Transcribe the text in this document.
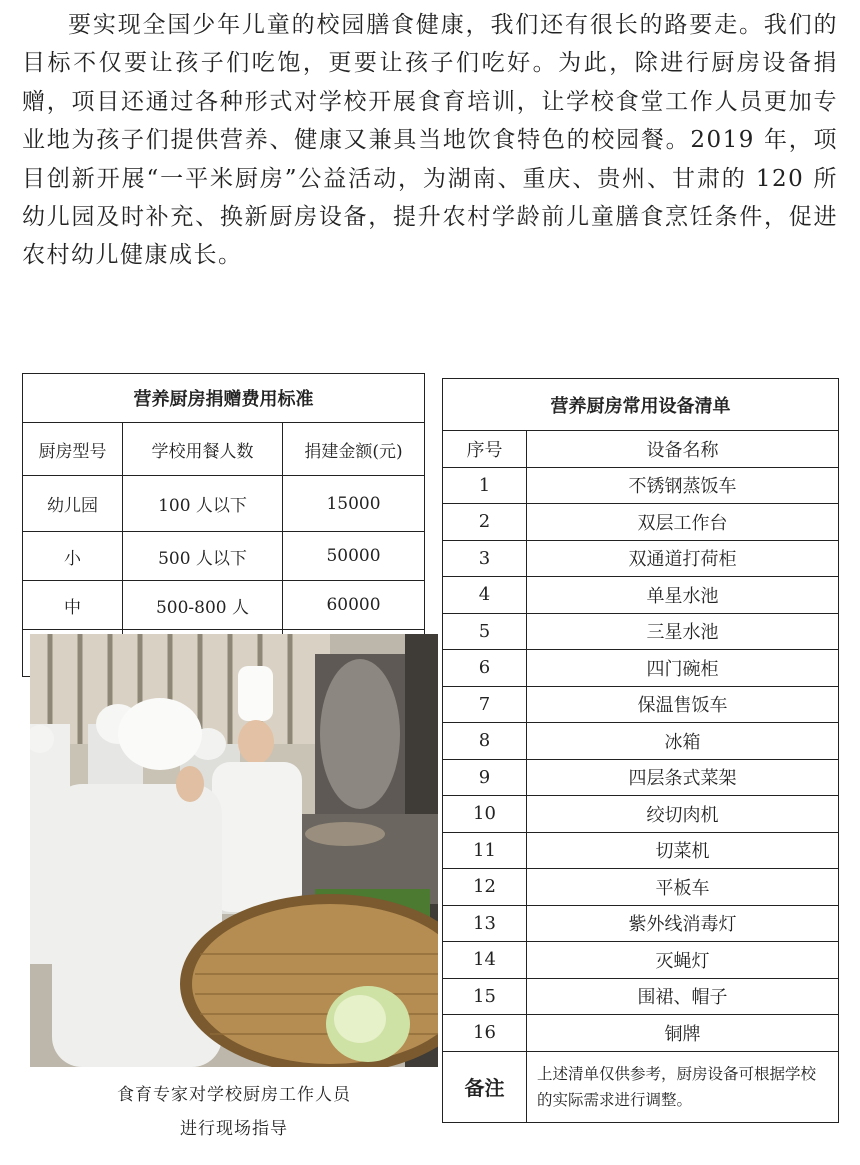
要实现全国少年儿童的校园膳食健康，我们还有很长的路要走。我们的目标不仅要让孩子们吃饱，更要让孩子们吃好。为此，除进行厨房设备捐赠，项目还通过各种形式对学校开展食育培训，让学校食堂工作人员更加专业地为孩子们提供营养、健康又兼具当地饮食特色的校园餐。2019 年，项目创新开展“一平米厨房”公益活动，为湖南、重庆、贵州、甘肃的 120 所幼儿园及时补充、换新厨房设备，提升农村学龄前儿童膳食烹饪条件，促进农村幼儿健康成长。

营养厨房捐赠费用标准		
厨房型号	学校用餐人数	捐建金额(元)
幼儿园	100 人以下	15000
小	500 人以下	50000
中	500-800 人	60000

食育专家对学校厨房工作人员
进行现场指导
营养厨房常用设备清单	
序号	设备名称
1	不锈钢蒸饭车
2	双层工作台
3	双通道打荷柜
4	单星水池
5	三星水池
6	四门碗柜
7	保温售饭车
8	冰箱
9	四层条式菜架
10	绞切肉机
11	切菜机
12	平板车
13	紫外线消毒灯
14	灭蝇灯
15	围裙、帽子
16	铜牌
备注	上述清单仅供参考，厨房设备可根据学校的实际需求进行调整。
